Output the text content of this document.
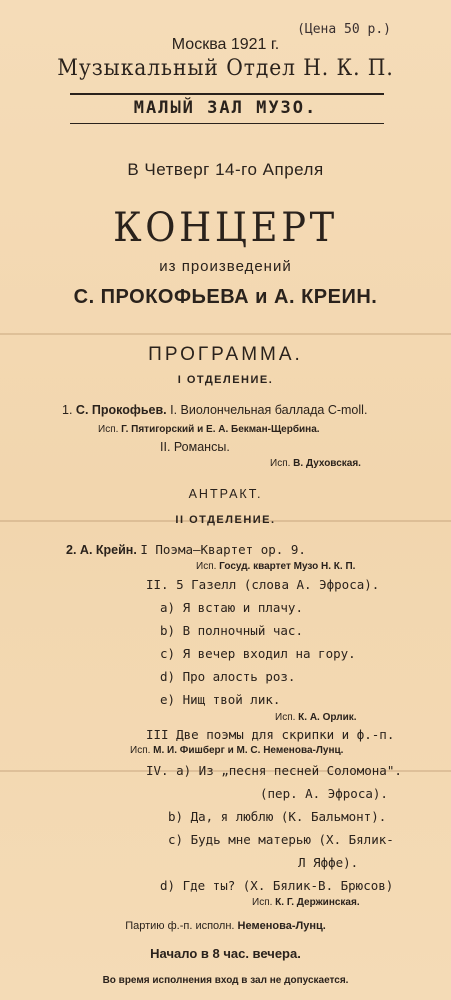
(Цена 50 р.)
Москва 1921 г.
Музыкальный Отдел Н. К. П.
МАЛЫЙ ЗАЛ МУЗО.
В Четверг 14-го Апреля
КОНЦЕРТ
из произведений
С. ПРОКОФЬЕВА и А. КРЕИН.
ПРОГРАММА.
I ОТДЕЛЕНИЕ.
1. С. Прокофьев. I. Виолончельная баллада C-moll.
Исп. Г. Пятигорский и Е. А. Бекман-Щербина.
II. Романсы.
Исп. В. Духовская.
АНТРАКТ.
II ОТДЕЛЕНИЕ.
2. А. Крейн. I Поэма—Квартет ор. 9.
Исп. Госуд. квартет Музо Н. К. П.
II. 5 Газелл (слова А. Эфроса).
a) Я встаю и плачу.
b) В полночный час.
c) Я вечер входил на гору.
d) Про алость роз.
e) Нищ твой лик.
Исп. К. А. Орлик.
III Две поэмы для скрипки и ф.-п.
Исп. М. И. Фишберг и М. С. Неменова-Лунц.
IV. а) Из „песня песней Соломона".
(пер. А. Эфроса).
b) Да, я люблю (К. Бальмонт).
c) Будь мне матерью (Х. Бялик-
Л Яффе).
d) Где ты? (Х. Бялик-В. Брюсов)
Исп. К. Г. Держинская.
Партию ф.-п. исполн. Неменова-Лунц.
Начало в 8 час. вечера.
Во время исполнения вход в зал не допускается.
